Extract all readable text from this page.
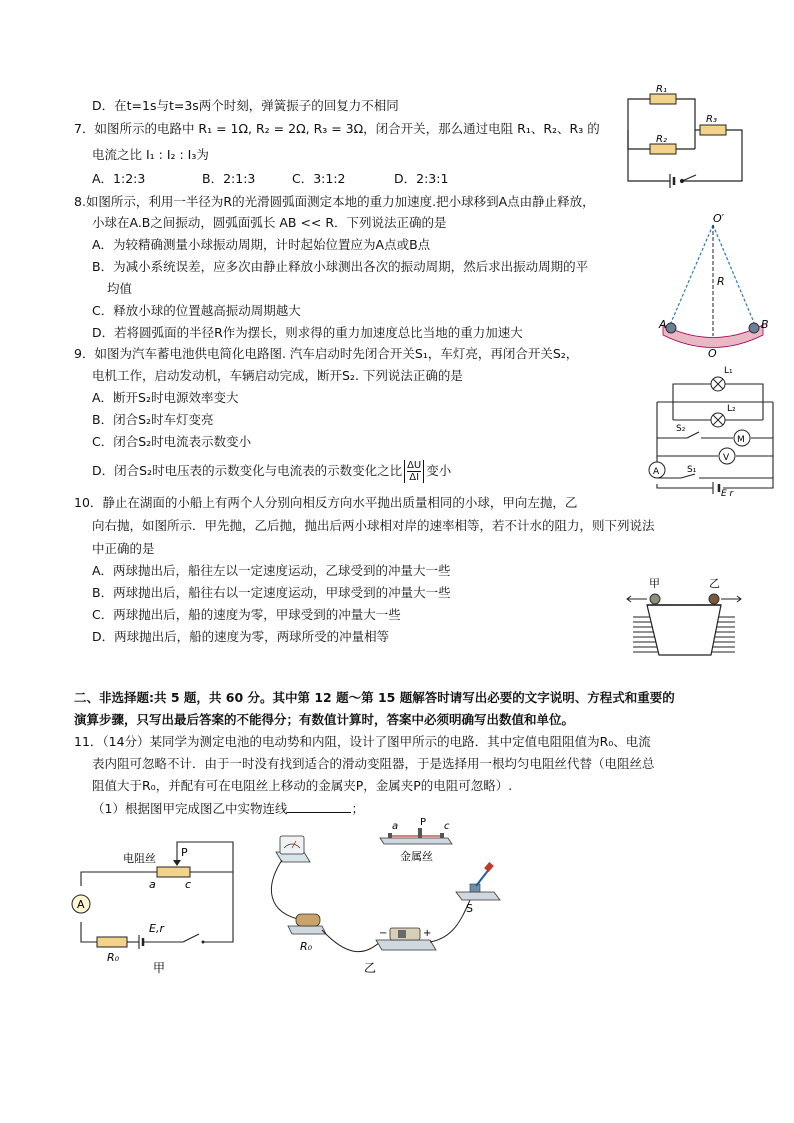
D．在t=1s与t=3s两个时刻，弹簧振子的回复力不相同
7．如图所示的电路中 R₁ = 1Ω, R₂ = 2Ω, R₃ = 3Ω，闭合开关，那么通过电阻 R₁、R₂、R₃ 的
电流之比 I₁ : I₂ : I₃为
A．1:2:3	B．2:1:3	C．3:1:2	D．2:3:1
R₁
R₂
R₃
8.如图所示，利用一半径为R的光滑圆弧面测定本地的重力加速度.把小球移到A点由静止释放，
小球在A.B之间振动，圆弧面弧长 AB << R．下列说法正确的是
A．为较精确测量小球振动周期，计时起始位置应为A点或B点
B．为减小系统误差，应多次由静止释放小球测出各次的振动周期，然后求出振动周期的平
均值
C．释放小球的位置越高振动周期越大
D．若将圆弧面的半径R作为摆长，则求得的重力加速度总比当地的重力加速大
O′
R
A	B
O
9．如图为汽车蓄电池供电简化电路图. 汽车启动时先闭合开关S₁，车灯亮，再闭合开关S₂，
电机工作，启动发动机，车辆启动完成，断开S₂. 下列说法正确的是
A．断开S₂时电源效率变大
B．闭合S₂时车灯变亮
C．闭合S₂时电流表示数变小
D．闭合S₂时电压表的示数变化与电流表的示数变化之比 $\frac{\Delta U}{\Delta I}$ 变小
L₁
L₂
S₂
M
V
A	S₁
E r
10．静止在湖面的小船上有两个人分别向相反方向水平抛出质量相同的小球，甲向左抛，乙
向右抛，如图所示．甲先抛，乙后抛，抛出后两小球相对岸的速率相等，若不计水的阻力，则下列说法
中正确的是
A．两球抛出后，船往左以一定速度运动，乙球受到的冲量大一些
B．两球抛出后，船往右以一定速度运动，甲球受到的冲量大一些
C．两球抛出后，船的速度为零，甲球受到的冲量大一些
D．两球抛出后，船的速度为零，两球所受的冲量相等
甲	乙
二、非选择题:共 5 题，共 60 分。其中第 12 题～第 15 题解答时请写出必要的文字说明、方程式和重要的
演算步骤，只写出最后答案的不能得分；有数值计算时，答案中必须明确写出数值和单位。
11．（14分）某同学为测定电池的电动势和内阻，设计了图甲所示的电路．其中定值电阻阻值为R₀、电流
表内阻可忽略不计．由于一时没有找到适合的滑动变阻器，于是选择用一根均匀电阻丝代替（电阻丝总
阻值大于R₀，并配有可在电阻丝上移动的金属夹P，金属夹P的电阻可忽略）.
（1）根据图甲完成图乙中实物连线	；
电阻丝 P
a	c
A
E,r
R₀
甲
a P c
金属丝
R₀
−	+
乙
S
